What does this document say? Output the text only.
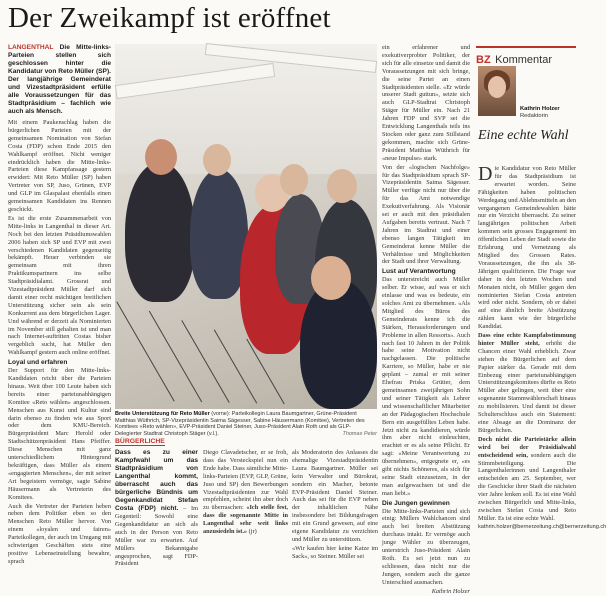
Der Zweikampf ist eröffnet
LANGENTHAL Die Mitte-links-Parteien stellen sich geschlossen hinter die Kandidatur von Reto Müller (SP). Der langjährige Gemeinderat und Vizestadtpräsident erfülle alle Voraussetzungen für das Stadtpräsidium – fachlich wie auch als Mensch.

Mit einem Paukenschlag haben die bürgerlichen Parteien mit der gemeinsamen Nomination von Stefan Costa (FDP) schon Ende 2015 den Wahlkampf eröffnet. Nicht weniger eindrücklich haben die Mitte-links-Parteien diese Kampfansage gestern erwidert: Mit Reto Müller (SP) haben Vertreter von SP, Juso, Grünen, EVP und GLP im Glaspalast ebenfalls einen gemeinsamen Kandidaten ins Rennen geschickt.

Es ist die erste Zusammenarbeit von Mitte-links in Langenthal in dieser Art. Noch bei den letzten Präsidiumswahlen 2006 haben sich SP und EVP mit zwei verschiedenen Kandidaten gegenseitig bekämpft. Heuer verbinden sie gemeinsam mit ihren Praktikumspartnern ins selbe Stadtpräsidialamt. Grossrat und Vizestadtpräsident Müller darf sich damit einer recht mächtigen breitlichen Unterstützung sicher sein als sein Konkurrent aus dem bürgerlichen Lager. Und während er derzeit als Nominierten im November still gehalten ist und man nach Internet-auftritten Costas bisher vergeblich sucht, hat Müller den Wahlkampf gestern auch online eröffnet.

Loyal und erfahren

Der Support für den Mitte-links-Kandidaten reicht über die Parteien hinaus. Weit über 100 Leute haben sich bereits einer parteiunabhängigen Komitee «Reto wählen» angeschlossen. Menschen aus Kunst und Kultur sind darin ebenso zu finden wie aus Sport oder dem KMU-Bereich. Bürgerpräsident Marc Herold oder Stadtschützenpräsident Hans Pfeiffer. Diese Menschen mit ganz unterschiedlichem Hintergrund bekräftigen, dass Müller als einem «engagierten Menschen», der mit seiner Art begeistern vermöge, sagte Sabine Häusermann als Vertreterin des Komitees.

Auch die Vertreter der Parteien heben neben dem Politiker eben so den Menschen Reto Müller hervor. Von einem «loyalen und fairen» Parteikollegen, der auch im Umgang mit schwierigen Geschäften stets eine positive Lebenseinstellung bewahre, sprach

Breite Unterstützung für Reto Müller (vorne): Parteikollegin Laura Baumgartner, Grüne-Präsident Matthias Wüthrich, SP-Vizepräsidentin Saima Sägesser, Sabine Häusermann (Komitee), Vertreten des Komitees «Reto wählen», EVP-Präsident Daniel Steiner, Juso-Präsident Alain Roth und als GLP-Delegierter Stadtrat Christoph Stäger (v.l.).	Thomas Peter
BÜRGERLICHE
Dass es zu einer Kampfwahl um das Stadtpräsidium von Langenthal kommt, überrascht auch das bürgerliche Bündnis um Gegenkandidat Stefan Costa (FDP) nicht. – Im Gegenteil: Sowohl eine Gegenkandidatur an sich als auch in der Person von Reto Müller war zu erwarten. Auf Müllers Bekanntgabe angesprochen, sagt FDP-Präsident
Diego Clavadetscher, er se froh, dass das Versteckspiel nun ein Ende habe. Dass sämtliche Mitte-links-Parteien (EVP, GLP, Grüne, Juso und SP) den Bewerbungen Vizestadtpräsidenten zur Wahl empfehlen, scheint ihn aber doch zu überraschen: «Ich stelle fest, dass die sogenannte Mitte in Langenthal sehr weit links anzusiedeln ist.» (jr)

als Moderatorin des Anlasses die ehemalige Vizestadtpräsidentin Laura Baumgartner. Müller sei kein Verwalter und Bürokrat, sondern ein Macher, betonte EVP-Präsident Daniel Steiner. Auch das sei für die EVP neben der inhaltlichen Nähe insbesondere bei Bildungsfragen mit ein Grund gewesen, auf eine eigene Kandidatur zu verzichten und Müller zu unterstützen.

«Wir kaufen hier keine Katze im Sack», so Steiner. Müller sei

ein erfahrener und exekutiverprobter Politiker, der sich für alle einsetze und damit die Voraussetzungen mit sich bringe, die seine Partei an einen Stadtpräsidenten stelle. «Er würde unserer Stadt guttun», setzte sich auch GLP-Stadtrat Christoph Stäger für Müller ein. Nach 21 Jahren FDP und SVP sei die Entwicklung Langenthals teils ins Stocken oder ganz zum Stillstand gekommen, machte sich Grüne-Präsident Matthias Wüthrich für «neue Impulse» stark.

Von der «logischen Nachfolge» für das Stadtpräsidium sprach SP-Vizepräsidentin Saima Sägesser. Müller verfüge nicht nur über die für das Amt notwendige Exekutiverfahrung. Als Visionär sei er auch mit den präsidialen Aufgaben bereits vertraut. Nach 7 Jahren im Stadtrat und einer ebenso langen Tätigkeit im Gemeinderat kenne Müller die Verhältnisse und Möglichkeiten der Stadt und ihrer Verwaltung.

Lust auf Verantwortung

Das unterstreicht auch Müller selber. Er wisse, auf was er sich einlasse und was es bedeute, ein solches Amt zu übernehmen. «Als Mitglied des Büros des Gemeinderats kenne ich die Stärken, Herausforderungen und Probleme in allen Ressorts». Auch nach fast 10 Jahren in der Politik habe seine Motivation nicht nachgelassen. Die politische Karriere, so Müller, habe er nie geplant – zumal er mit seiner Ehefrau Priska Grütter, dem gemeinsamen zweijährigen Sohn und seiner Tätigkeit als Lehrer und wissenschaftlicher Mitarbeiter an der Pädagogischen Hochschule Bern ein ausgefülltes Leben habe. Jetzt nicht zu kandidieren, würde ihm aber nicht einleuchten, erachtet er es als seine Pflicht. Er sagt: «Meine Verantwortung zu übernehmen», entgegnete er, «es gibt nichts Schöneres, als sich für seine Stadt einzusetzen, in der man aufgewachsen ist und die man liebt.»

Die Jungen gewinnen

Die Mitte-links-Parteien sind sich einig: Müllers Wahlchancen sind auch bei breiten Abstützung durchaus intakt. Er vermöge auch junge Wähler zu überzeugen, unterstrich Juso-Präsident Alain Roth. Es sei jetzt nun zu schliessen, dass nicht nur die Jungen, sondern auch die ganze Unterschied ausmachen.

Kathrin Holzer

BZ Kommentar
Kathrin Holzer
Redaktorin
Eine echte Wahl

Die Kandidatur von Reto Müller für das Stadtpräsidium ist erwartet worden. Seine Fähigkeiten haben politischen Werdegang und Ablehnsmitteln an den vergangenen Gemeindewahlen hätte nur ein Verzicht überrascht. Zu seiner langjährigen politischen Arbeit kommen sein grosses Engagement im öffentlichen Leben der Stadt sowie die Erfahrung und Vernetzung als Mitglied des Grossen Rates. Voraussetzungen, die ihn als 38-Jährigen qualifizieren. Die Frage war daher in den letzten Wochen und Monaten nicht, ob Müller gegen den nominierten Stefan Costa antreten wird oder nicht. Sondern, ob er dabei auf eine ähnlich breite Abstützung zählen kann wie der bürgerliche Kandidat.

Dass eine echte Kampfabstimmung hinter Müller steht, erhöht die Chancen einer Wahl erheblich. Zwar stehen die Bürgerlichen auf dem Papier stärker da. Gerade mit dem Einbezug einer parteiunabhängigen Unterstützungskomitees dürfte es Reto Müller aber gelingen, weit über eine sogenannte Stammwählerschaft hinaus zu mobilisieren. Und damit ist dieser Schulterschluss auch ein Statement: eine Absage an die Dominanz der Bürgerlichen.

Doch nicht die Parteistärke allein wird bei der Präsidialwahl entscheidend sein, sondern auch die Stimmbeteiligung. Die Langenthalerinnen und Langenthaler entscheiden am 25. September, wer die Geschicke ihrer Stadt die nächsten vier Jahre lenken soll. Es ist eine Wahl zwischen Bürgerlich und Mitte-links, zwischen Stefan Costa und Reto Müller. Es ist eine echte Wahl.

kathrin.holzer@bernerzeitung.ch@bernerzeitung.ch
